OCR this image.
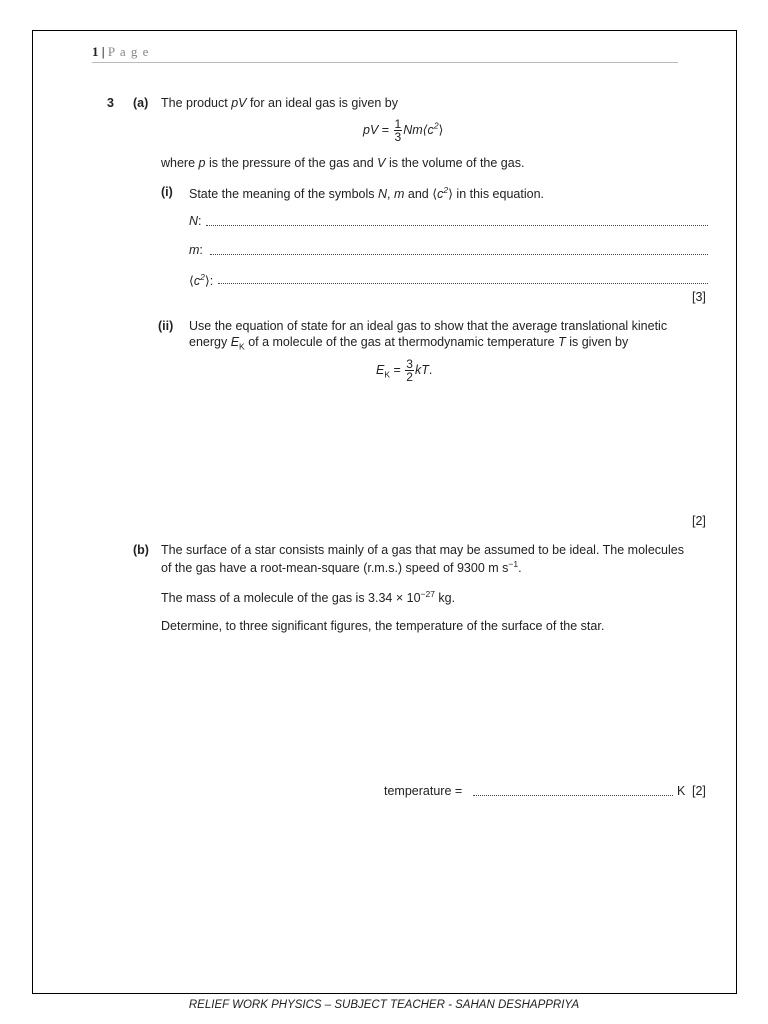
1 | P a g e
3 (a) The product pV for an ideal gas is given by
pV = $\frac{1}{3}$ $Nm⟨c^2⟩$
where p is the pressure of the gas and V is the volume of the gas.
(i) State the meaning of the symbols N, m and $⟨c^2⟩$ in this equation.
N:
m:
$⟨c^2⟩$:
[3]
(ii) Use the equation of state for an ideal gas to show that the average translational kinetic
energy $E_K$ of a molecule of the gas at thermodynamic temperature T is given by
$E_K = \frac{3}{2}$ kT.
[2]
(b) The surface of a star consists mainly of a gas that may be assumed to be ideal. The molecules
of the gas have a root-mean-square (r.m.s.) speed of 9300 m $s^{-1}$.
The mass of a molecule of the gas is $3.34 \times 10^{-27}$ kg.
Determine, to three significant figures, the temperature of the surface of the star.
temperature =	K [2]
RELIEF WORK PHYSICS – SUBJECT TEACHER - SAHAN DESHAPPRIYA
